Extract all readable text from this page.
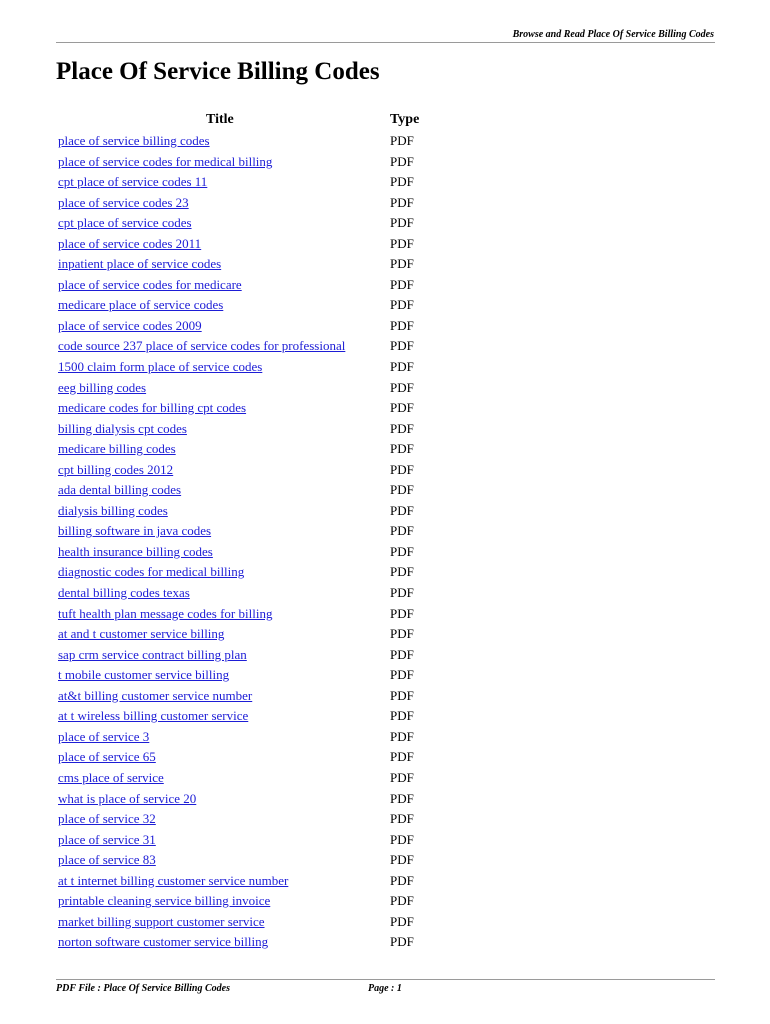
Browse and Read Place Of Service Billing Codes
Place Of Service Billing Codes
Title	Type
place of service billing codes	PDF
place of service codes for medical billing	PDF
cpt place of service codes 11	PDF
place of service codes 23	PDF
cpt place of service codes	PDF
place of service codes 2011	PDF
inpatient place of service codes	PDF
place of service codes for medicare	PDF
medicare place of service codes	PDF
place of service codes 2009	PDF
code source 237 place of service codes for professional	PDF
1500 claim form place of service codes	PDF
eeg billing codes	PDF
medicare codes for billing cpt codes	PDF
billing dialysis cpt codes	PDF
medicare billing codes	PDF
cpt billing codes 2012	PDF
ada dental billing codes	PDF
dialysis billing codes	PDF
billing software in java codes	PDF
health insurance billing codes	PDF
diagnostic codes for medical billing	PDF
dental billing codes texas	PDF
tuft health plan message codes for billing	PDF
at and t customer service billing	PDF
sap crm service contract billing plan	PDF
t mobile customer service billing	PDF
at&t billing customer service number	PDF
at t wireless billing customer service	PDF
place of service 3	PDF
place of service 65	PDF
cms place of service	PDF
what is place of service 20	PDF
place of service 32	PDF
place of service 31	PDF
place of service 83	PDF
at t internet billing customer service number	PDF
printable cleaning service billing invoice	PDF
market billing support customer service	PDF
norton software customer service billing	PDF
PDF File : Place Of Service Billing Codes	Page : 1
